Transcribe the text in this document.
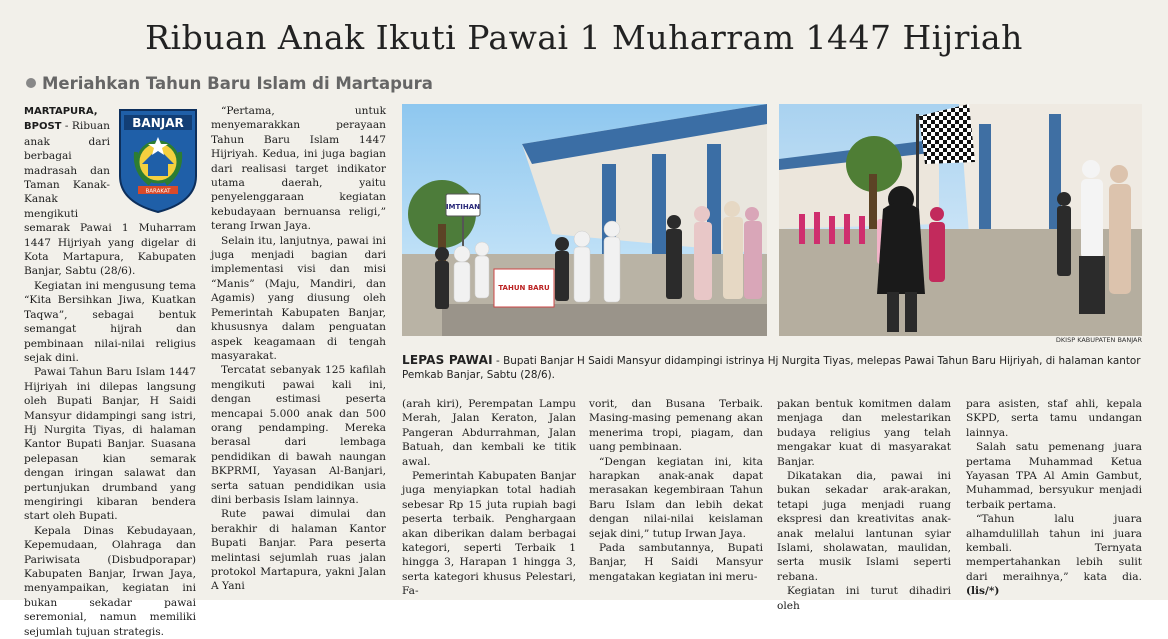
Ribuan Anak Ikuti Pawai 1 Muharram 1447 Hijriah
Meriahkan Tahun Baru Islam di Martapura
BANJAR
BARAKAT

MARTAPURA, BPOST - Ribuan anak dari berbagai madrasah dan Taman Kanak-Kanak mengikuti semarak Pawai 1 Muharram 1447 Hijriyah yang digelar di Kota Martapura, Kabupaten Banjar, Sabtu (28/6).

Kegiatan ini mengusung tema “Kita Bersihkan Jiwa, Kuatkan Taqwa”, sebagai bentuk semangat hijrah dan pembinaan nilai-nilai religius sejak dini.

Pawai Tahun Baru Islam 1447 Hijriyah ini dilepas langsung oleh Bupati Banjar, H Saidi Mansyur didampingi sang istri, Hj Nurgita Tiyas, di halaman Kantor Bupati Banjar. Suasana pelepasan kian semarak dengan iringan salawat dan pertunjukan drumband yang mengiringi kibaran bendera start oleh Bupati.

Kepala Dinas Kebudayaan, Kepemudaan, Olahraga dan Pariwisata (Disbudporapar) Kabupaten Banjar, Irwan Jaya, menyampaikan, kegiatan ini bukan sekadar pawai seremonial, namun memiliki sejumlah tujuan strategis.

“Pertama, untuk menyemarakkan perayaan Tahun Baru Islam 1447 Hijriyah. Kedua, ini juga bagian dari realisasi target indikator utama daerah, yaitu penyelenggaraan kegiatan kebudayaan bernuansa religi,” terang Irwan Jaya.

Selain itu, lanjutnya, pawai ini juga menjadi bagian dari implementasi visi dan misi “Manis” (Maju, Mandiri, dan Agamis) yang diusung oleh Pemerintah Kabupaten Banjar, khususnya dalam penguatan aspek keagamaan di tengah masyarakat.

Tercatat sebanyak 125 kafilah mengikuti pawai kali ini, dengan estimasi peserta mencapai 5.000 anak dan 500 orang pendamping. Mereka berasal dari lembaga pendidikan di bawah naungan BKPRMI, Yayasan Al-Banjari, serta satuan pendidikan usia dini berbasis Islam lainnya.

Rute pawai dimulai dan berakhir di halaman Kantor Bupati Banjar. Para peserta melintasi sejumlah ruas jalan protokol Martapura, yakni Jalan A Yani

IMTIHAN
TAHUN BARU
DKISP KABUPATEN BANJAR
LEPAS PAWAI - Bupati Banjar H Saidi Mansyur didampingi istrinya Hj Nurgita Tiyas, melepas Pawai Tahun Baru Hijriyah, di halaman kantor Pemkab Banjar, Sabtu (28/6).

(arah kiri), Perempatan Lampu Merah, Jalan Keraton, Jalan Pangeran Abdurrahman, Jalan Batuah, dan kembali ke titik awal.

Pemerintah Kabupaten Banjar juga menyiapkan total hadiah sebesar Rp 15 juta rupiah bagi peserta terbaik. Penghargaan akan diberikan dalam berbagai kategori, seperti Terbaik 1 hingga 3, Harapan 1 hingga 3, serta kategori khusus Pelestari, Fa-

vorit, dan Busana Terbaik. Masing-masing pemenang akan menerima tropi, piagam, dan uang pembinaan.

“Dengan kegiatan ini, kita harapkan anak-anak dapat merasakan kegembiraan Tahun Baru Islam dan lebih dekat dengan nilai-nilai keislaman sejak dini,” tutup Irwan Jaya.

Pada sambutannya, Bupati Banjar, H Saidi Mansyur mengatakan kegiatan ini meru-

pakan bentuk komitmen dalam menjaga dan melestarikan budaya religius yang telah mengakar kuat di masyarakat Banjar.

Dikatakan dia, pawai ini bukan sekadar arak-arakan, tetapi juga menjadi ruang ekspresi dan kreativitas anak-anak melalui lantunan syiar Islami, sholawatan, maulidan, serta musik Islami seperti rebana.

Kegiatan ini turut dihadiri oleh

para asisten, staf ahli, kepala SKPD, serta tamu undangan lainnya.

Salah satu pemenang juara pertama Muhammad Ketua Yayasan TPA Al Amin Gambut, Muhammad, bersyukur menjadi terbaik pertama.

“Tahun lalu juara alhamdulillah tahun ini juara kembali. Ternyata mempertahankan lebih sulit dari meraihnya,” kata dia. (lis/*)
